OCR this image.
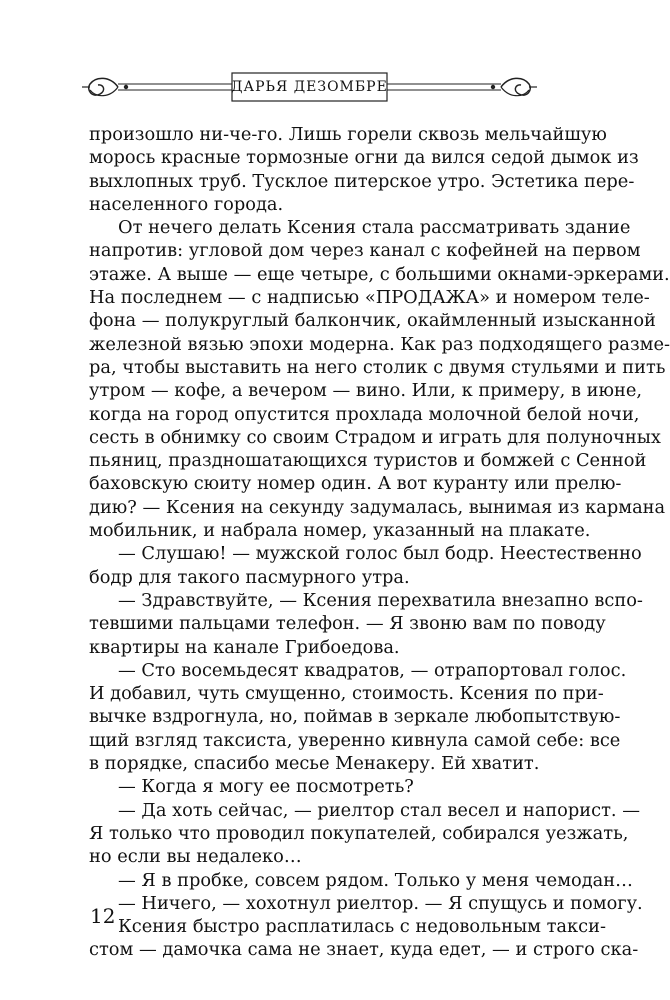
ДАРЬЯ ДЕЗОМБРЕ
произошло ни-че-го. Лишь горели сквозь мельчайшую
морось красные тормозные огни да вился седой дымок из
выхлопных труб. Тусклое питерское утро. Эстетика пере-
населенного города.
От нечего делать Ксения стала рассматривать здание
напротив: угловой дом через канал с кофейней на первом
этаже. А выше — еще четыре, с большими окнами-эркерами.
На последнем — с надписью «ПРОДАЖА» и номером теле-
фона — полукруглый балкончик, окаймленный изысканной
железной вязью эпохи модерна. Как раз подходящего разме-
ра, чтобы выставить на него столик с двумя стульями и пить
утром — кофе, а вечером — вино. Или, к примеру, в июне,
когда на город опустится прохлада молочной белой ночи,
сесть в обнимку со своим Страдом и играть для полуночных
пьяниц, праздношатающихся туристов и бомжей с Сенной
баховскую сюиту номер один. А вот куранту или прелю-
дию? — Ксения на секунду задумалась, вынимая из кармана
мобильник, и набрала номер, указанный на плакате.
— Слушаю! — мужской голос был бодр. Неестественно
бодр для такого пасмурного утра.
— Здравствуйте, — Ксения перехватила внезапно вспо-
тевшими пальцами телефон. — Я звоню вам по поводу
квартиры на канале Грибоедова.
— Сто восемьдесят квадратов, — отрапортовал голос.
И добавил, чуть смущенно, стоимость. Ксения по при-
вычке вздрогнула, но, поймав в зеркале любопытствую-
щий взгляд таксиста, уверенно кивнула самой себе: все
в порядке, спасибо месье Менакеру. Ей хватит.
— Когда я могу ее посмотреть?
— Да хоть сейчас, — риелтор стал весел и напорист. —
Я только что проводил покупателей, собирался уезжать,
но если вы недалеко…
— Я в пробке, совсем рядом. Только у меня чемодан…
— Ничего, — хохотнул риелтор. — Я спущусь и помогу.
Ксения быстро расплатилась с недовольным такси-
стом — дамочка сама не знает, куда едет, — и строго ска-
12
